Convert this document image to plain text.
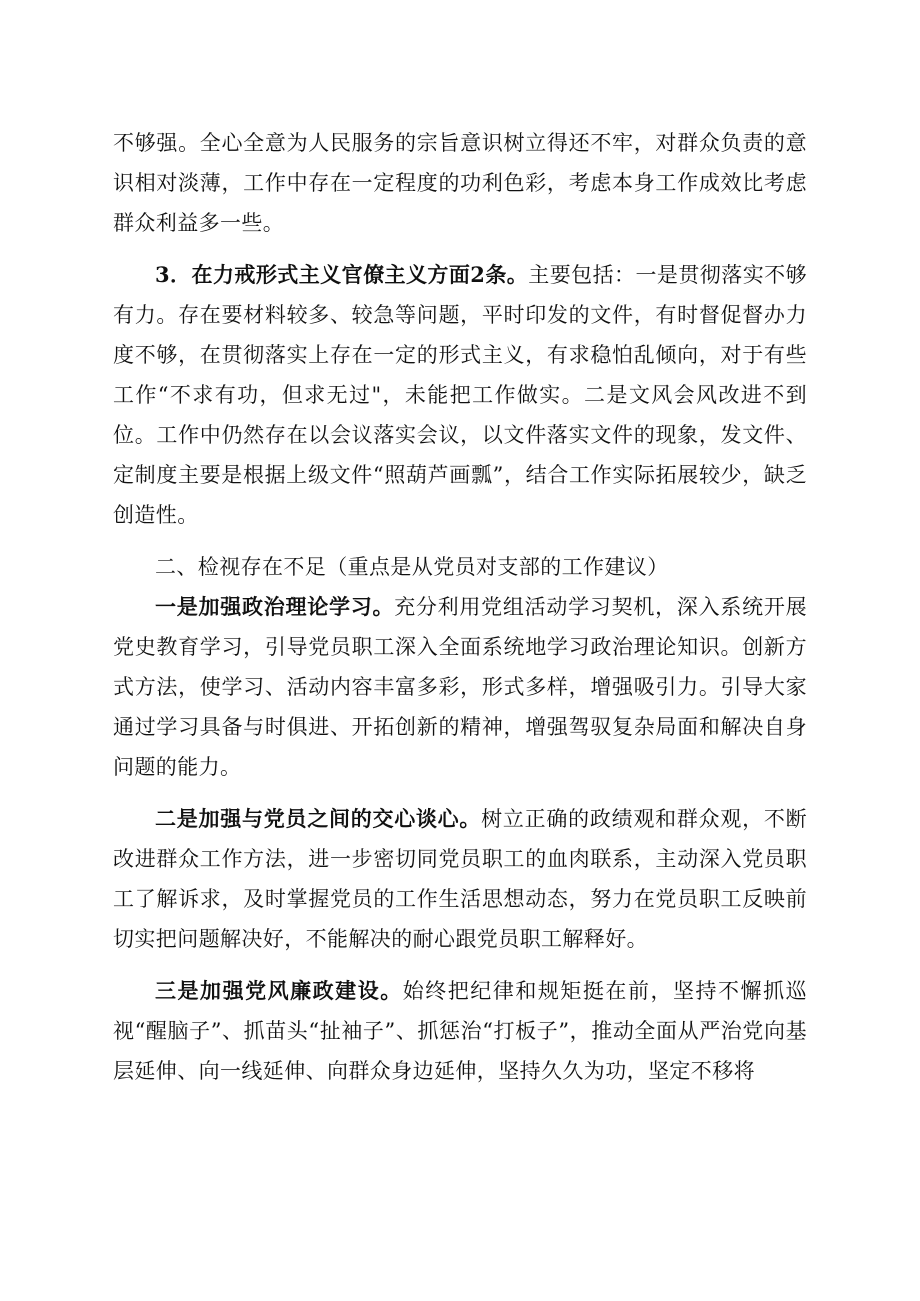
不够强。全心全意为人民服务的宗旨意识树立得还不牢，对群众负责的意识相对淡薄，工作中存在一定程度的功利色彩，考虑本身工作成效比考虑群众利益多一些。

3．在力戒形式主义官僚主义方面2条。主要包括：一是贯彻落实不够有力。存在要材料较多、较急等问题，平时印发的文件，有时督促督办力度不够，在贯彻落实上存在一定的形式主义，有求稳怕乱倾向，对于有些工作“不求有功，但求无过"，未能把工作做实。二是文风会风改进不到位。工作中仍然存在以会议落实会议，以文件落实文件的现象，发文件、定制度主要是根据上级文件“照葫芦画瓢”，结合工作实际拓展较少，缺乏创造性。

二、检视存在不足（重点是从党员对支部的工作建议）

一是加强政治理论学习。充分利用党组活动学习契机，深入系统开展党史教育学习，引导党员职工深入全面系统地学习政治理论知识。创新方式方法，使学习、活动内容丰富多彩，形式多样，增强吸引力。引导大家通过学习具备与时俱进、开拓创新的精神，增强驾驭复杂局面和解决自身问题的能力。

二是加强与党员之间的交心谈心。树立正确的政绩观和群众观，不断改进群众工作方法，进一步密切同党员职工的血肉联系，主动深入党员职工了解诉求，及时掌握党员的工作生活思想动态，努力在党员职工反映前切实把问题解决好，不能解决的耐心跟党员职工解释好。

三是加强党风廉政建设。始终把纪律和规矩挺在前，坚持不懈抓巡视“醒脑子”、抓苗头“扯袖子”、抓惩治“打板子”，推动全面从严治党向基层延伸、向一线延伸、向群众身边延伸，坚持久久为功，坚定不移将
